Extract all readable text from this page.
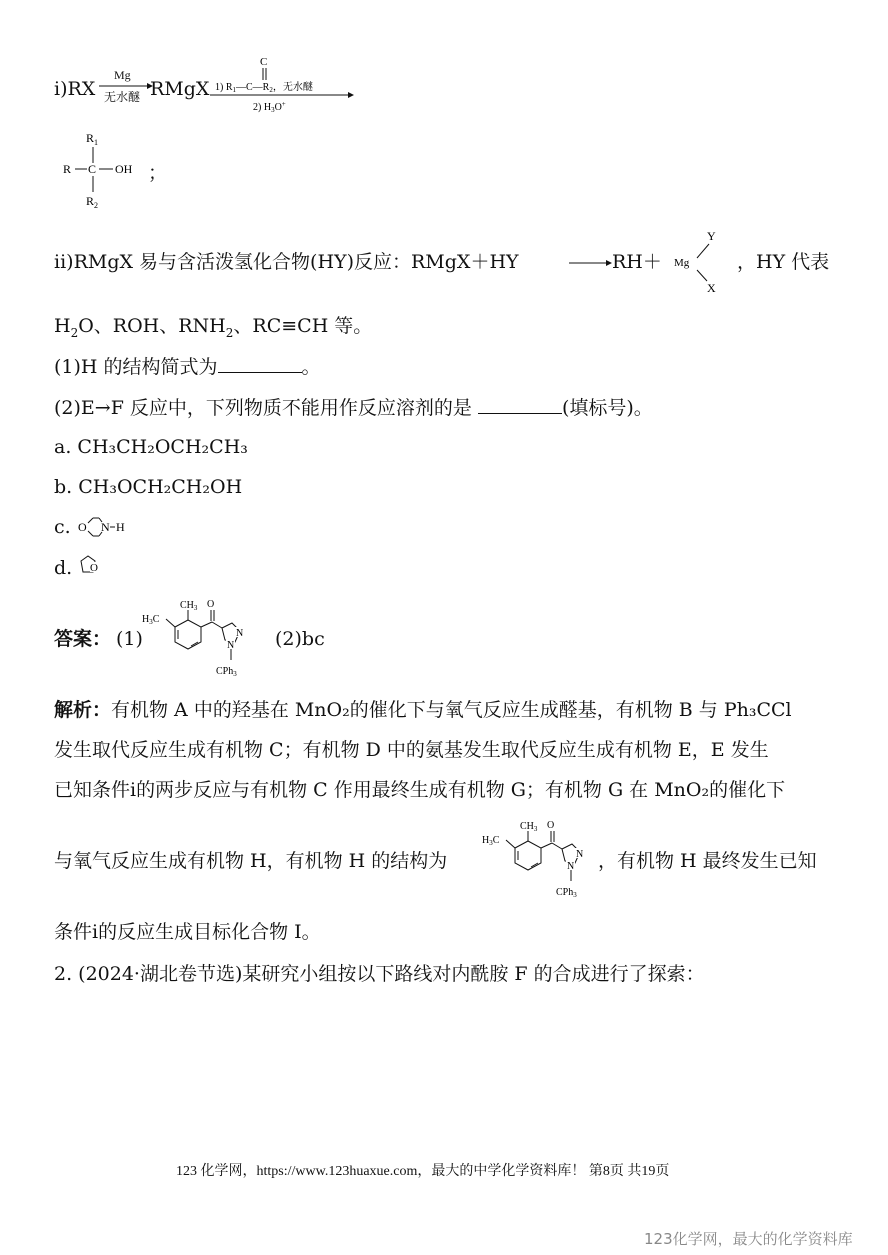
i)RX
Mg
无水醚 RMgX
C
1) $R_1—C—R_2$，无水醚
2) $H_3O^+$
$R_1$
R C OH
$R_2$
；
ii)RMgX 易与含活泼氢化合物(HY)反应：RMgX＋HY	RH＋
Y
Mg
X
，HY 代表
$H_2O$、ROH、$RNH_2$、RC≡CH 等。
(1)H 的结构简式为	。
(2)E→F 反应中，下列物质不能用作反应溶剂的是	(填标号)。
a. CH₃CH₂OCH₂CH₃
b. CH₃OCH₂CH₂OH
c. O N H
d. O
答案： (1)
$H_3C$
$CH_3$ O
N
N
CPh$_3$
(2)bc
解析：有机物 A 中的羟基在 MnO₂的催化下与氧气反应生成醛基，有机物 B 与 Ph₃CCl
发生取代反应生成有机物 C；有机物 D 中的氨基发生取代反应生成有机物 E，E 发生
已知条件i的两步反应与有机物 C 作用最终生成有机物 G；有机物 G 在 MnO₂的催化下
与氧气反应生成有机物 H，有机物 H 的结构为
$H_3C$
$CH_3$ O
N
N
CPh$_3$
，有机物 H 最终发生已知
条件i的反应生成目标化合物 I。
2. (2024·湖北卷节选)某研究小组按以下路线对内酰胺 F 的合成进行了探索：
123 化学网，https://www.123huaxue.com，最大的中学化学资料库！ 第8页 共19页
123化学网，最大的化学资料库
